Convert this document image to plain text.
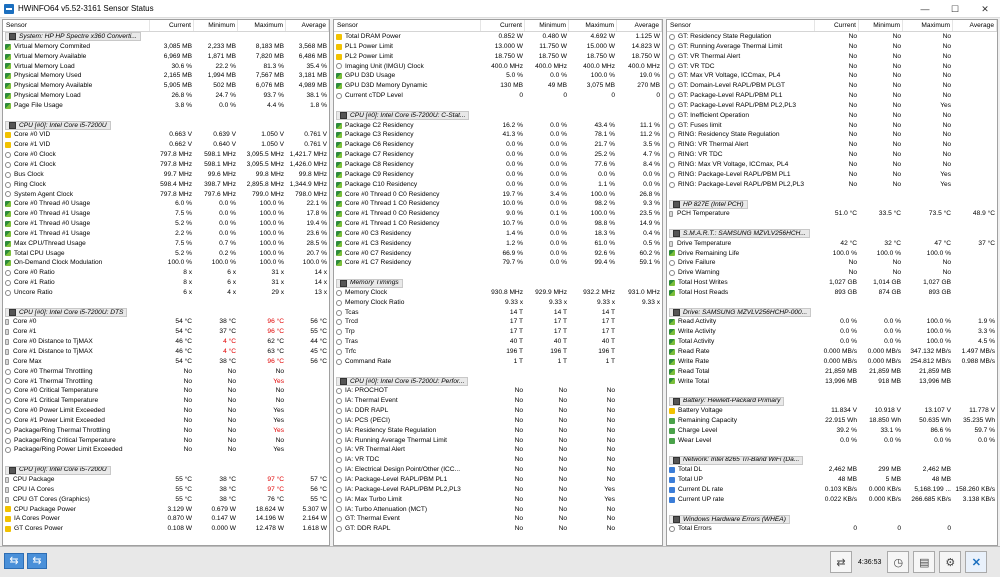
HWiNFO64 v5.52-3161 Sensor Status	—	☐	✕
Sensor	Current	Minimum	Maximum	Average
System: HP HP Spectre x360 Converti...
Virtual Memory Commited	3,085 MB	2,233 MB	8,183 MB	3,568 MB
Virtual Memory Available	6,969 MB	1,871 MB	7,820 MB	6,486 MB
Virtual Memory Load	30.6 %	22.2 %	81.3 %	35.4 %
Physical Memory Used	2,165 MB	1,994 MB	7,567 MB	3,181 MB
Physical Memory Available	5,905 MB	502 MB	6,076 MB	4,989 MB
Physical Memory Load	26.8 %	24.7 %	93.7 %	38.1 %
Page File Usage	3.8 %	0.0 %	4.4 %	1.8 %
CPU [#0]: Intel Core i5-7200U
Core #0 VID	0.663 V	0.639 V	1.050 V	0.761 V
Core #1 VID	0.662 V	0.640 V	1.050 V	0.761 V
Core #0 Clock	797.8 MHz	598.1 MHz	3,095.5 MHz 1,421.7 MHz
Core #1 Clock	797.8 MHz	598.1 MHz	3,095.5 MHz 1,426.0 MHz
Bus Clock	99.7 MHz	99.6 MHz	99.8 MHz	99.8 MHz
Ring Clock	598.4 MHz	398.7 MHz	2,895.8 MHz 1,344.9 MHz
System Agent Clock	797.8 MHz	797.6 MHz	799.0 MHz	798.0 MHz
Core #0 Thread #0 Usage	6.0 %	0.0 %	100.0 %	22.1 %
Core #0 Thread #1 Usage	7.5 %	0.0 %	100.0 %	17.8 %
Core #1 Thread #0 Usage	5.2 %	0.0 %	100.0 %	19.4 %
Core #1 Thread #1 Usage	2.2 %	0.0 %	100.0 %	23.6 %
Max CPU/Thread Usage	7.5 %	0.7 %	100.0 %	28.5 %
Total CPU Usage	5.2 %	0.2 %	100.0 %	20.7 %
On-Demand Clock Modulation	100.0 %	100.0 %	100.0 %	100.0 %
Core #0 Ratio	8 x	6 x	31 x	14 x
Core #1 Ratio	8 x	6 x	31 x	14 x
Uncore Ratio	6 x	4 x	29 x	13 x
CPU [#0]: Intel Core i5-7200U: DTS
Core #0	54 °C	38 °C	96 °C	56 °C
Core #1	54 °C	37 °C	96 °C	55 °C
Core #0 Distance to TjMAX	46 °C	4 °C	62 °C	44 °C
Core #1 Distance to TjMAX	46 °C	4 °C	63 °C	45 °C
Core Max	54 °C	38 °C	96 °C	56 °C
Core #0 Thermal Throttling	No	No	No
Core #1 Thermal Throttling	No	No	Yes
Core #0 Critical Temperature	No	No	No
Core #1 Critical Temperature	No	No	No
Core #0 Power Limit Exceeded	No	No	Yes
Core #1 Power Limit Exceeded	No	No	Yes
Package/Ring Thermal Throttling	No	No	Yes
Package/Ring Critical Temperature	No	No	No
Package/Ring Power Limit Exceeded	No	No	Yes
CPU [#0]: Intel Core i5-7200U
CPU Package	55 °C	38 °C	97 °C	57 °C
CPU IA Cores	55 °C	38 °C	97 °C	56 °C
CPU GT Cores (Graphics)	55 °C	38 °C	76 °C	55 °C
CPU Package Power	3.129 W	0.679 W	18.624 W	5.307 W
IA Cores Power	0.870 W	0.147 W	14.196 W	2.164 W
GT Cores Power	0.108 W	0.000 W	12.478 W	1.618 W
Sensor	Current	Minimum	Maximum	Average
Total DRAM Power	0.852 W	0.480 W	4.692 W	1.125 W
PL1 Power Limit	13.000 W	11.750 W	15.000 W	14.823 W
PL2 Power Limit	18.750 W	18.750 W	18.750 W	18.750 W
Imaging Unit (IMGU) Clock	400.0 MHz	400.0 MHz	400.0 MHz	400.0 MHz
GPU D3D Usage	5.0 %	0.0 %	100.0 %	19.0 %
GPU D3D Memory Dynamic	130 MB	49 MB	3,075 MB	270 MB
Current cTDP Level	0	0	0	0
CPU [#0]: Intel Core i5-7200U: C-Stat...
Package C2 Residency	16.2 %	0.0 %	43.4 %	11.1 %
Package C3 Residency	41.3 %	0.0 %	78.1 %	11.2 %
Package C6 Residency	0.0 %	0.0 %	21.7 %	3.5 %
Package C7 Residency	0.0 %	0.0 %	25.2 %	4.7 %
Package C8 Residency	0.0 %	0.0 %	77.6 %	8.4 %
Package C9 Residency	0.0 %	0.0 %	0.0 %	0.0 %
Package C10 Residency	0.0 %	0.0 %	1.1 %	0.0 %
Core #0 Thread 0 C0 Residency	19.7 %	3.4 %	100.0 %	26.8 %
Core #0 Thread 1 C0 Residency	10.0 %	0.0 %	98.2 %	9.3 %
Core #1 Thread 0 C0 Residency	9.0 %	0.1 %	100.0 %	23.5 %
Core #1 Thread 1 C0 Residency	10.7 %	0.0 %	98.8 %	14.9 %
Core #0 C3 Residency	1.4 %	0.0 %	18.3 %	0.4 %
Core #1 C3 Residency	1.2 %	0.0 %	61.0 %	0.5 %
Core #0 C7 Residency	66.9 %	0.0 %	92.6 %	60.2 %
Core #1 C7 Residency	79.7 %	0.0 %	99.4 %	59.1 %
Memory Timings
Memory Clock	930.8 MHz	929.9 MHz	932.2 MHz	931.0 MHz
Memory Clock Ratio	9.33 x	9.33 x	9.33 x	9.33 x
Tcas	14 T	14 T	14 T
Trcd	17 T	17 T	17 T
Trp	17 T	17 T	17 T
Tras	40 T	40 T	40 T
Trfc	196 T	196 T	196 T
Command Rate	1 T	1 T	1 T
CPU [#0]: Intel Core i5-7200U: Perfor...
IA: PROCHOT	No	No	No
IA: Thermal Event	No	No	No
IA: DDR RAPL	No	No	No
IA: PCS (PECI)	No	No	No
IA: Residency State Regulation	No	No	No
IA: Running Average Thermal Limit	No	No	No
IA: VR Thermal Alert	No	No	No
IA: VR TDC	No	No	No
IA: Electrical Design Point/Other (ICC...	No	No	No
IA: Package-Level RAPL/PBM PL1	No	No	No
IA: Package-Level RAPL/PBM PL2,PL3	No	No	Yes
IA: Max Turbo Limit	No	No	Yes
IA: Turbo Attenuation (MCT)	No	No	No
GT: Thermal Event	No	No	No
GT: DDR RAPL	No	No	No
Sensor	Current	Minimum	Maximum	Average
GT: Residency State Regulation	No	No	No
GT: Running Average Thermal Limit	No	No	No
GT: VR Thermal Alert	No	No	No
GT: VR TDC	No	No	No
GT: Max VR Voltage, ICCmax, PL4	No	No	No
GT: Domain-Level RAPL/PBM PLGT	No	No	No
GT: Package-Level RAPL/PBM PL1	No	No	No
GT: Package-Level RAPL/PBM PL2,PL3	No	No	Yes
GT: Inefficient Operation	No	No	No
GT: Fuses limit	No	No	No
RING: Residency State Regulation	No	No	No
RING: VR Thermal Alert	No	No	No
RING: VR TDC	No	No	No
RING: Max VR Voltage, ICCmax, PL4	No	No	No
RING: Package-Level RAPL/PBM PL1	No	No	Yes
RING: Package-Level RAPL/PBM PL2,PL3	No	No	Yes
HP 827E (Intel PCH)
PCH Temperature	51.0 °C	33.5 °C	73.5 °C	48.9 °C
S.M.A.R.T.: SAMSUNG MZVLV256HCH...
Drive Temperature	42 °C	32 °C	47 °C	37 °C
Drive Remaining Life	100.0 %	100.0 %	100.0 %
Drive Failure	No	No	No
Drive Warning	No	No	No
Total Host Writes	1,027 GB	1,014 GB	1,027 GB
Total Host Reads	893 GB	874 GB	893 GB
Drive: SAMSUNG MZVLV256HCHP-000...
Read Activity	0.0 %	0.0 %	100.0 %	1.9 %
Write Activity	0.0 %	0.0 %	100.0 %	3.3 %
Total Activity	0.0 %	0.0 %	100.0 %	4.5 %
Read Rate	0.000 MB/s	0.000 MB/s	347.132 MB/s	1.497 MB/s
Write Rate	0.000 MB/s	0.000 MB/s	254.812 MB/s	0.988 MB/s
Read Total	21,859 MB	21,859 MB	21,859 MB
Write Total	13,996 MB	918 MB	13,996 MB
Battery: Hewlett-Packard Primary
Battery Voltage	11.834 V	10.918 V	13.107 V	11.778 V
Remaining Capacity	22.915 Wh	18.850 Wh	50.635 Wh	35.235 Wh
Charge Level	39.2 %	33.1 %	86.6 %	59.7 %
Wear Level	0.0 %	0.0 %	0.0 %	0.0 %
Network: Intel 8265 Tri-Band WiFi (Da...
Total DL	2,462 MB	299 MB	2,462 MB
Total UP	48 MB	5 MB	48 MB
Current DL rate	0.103 KB/s	0.000 KB/s	5,168.199 ... 158.260 KB/s
Current UP rate	0.022 KB/s	0.000 KB/s	266.685 KB/s	3.138 KB/s
Windows Hardware Errors (WHEA)
Total Errors	0	0	0
⇆	⇆	⇄	4:36:53	◷	▤	⚙	✕
